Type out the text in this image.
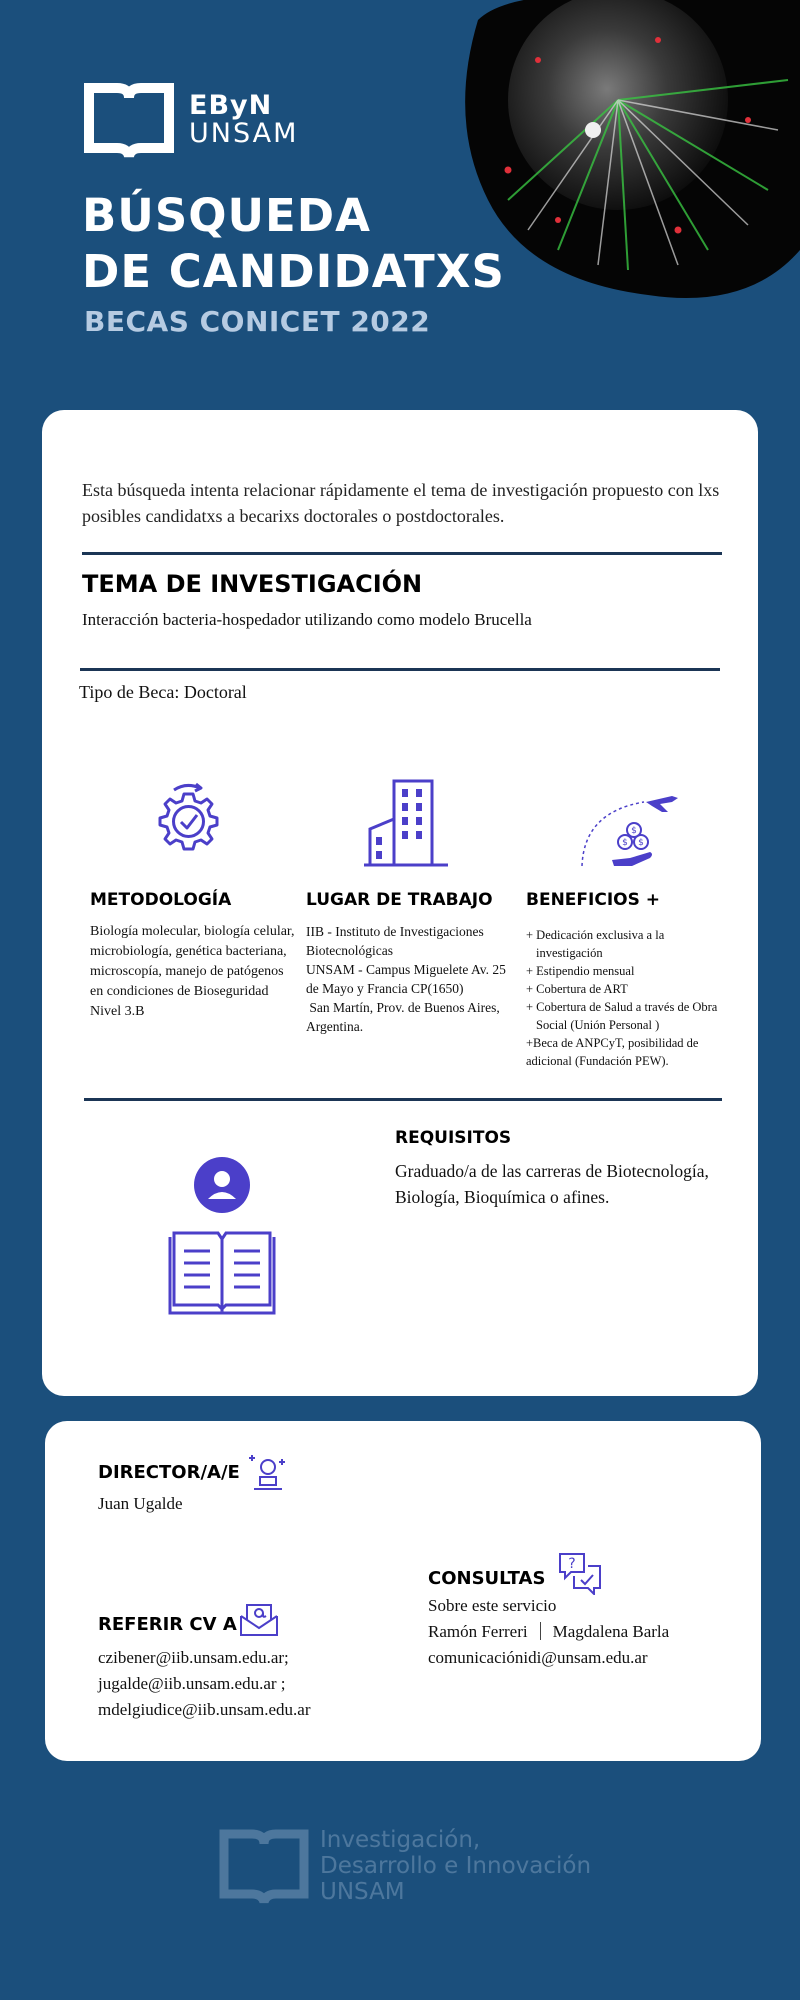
EByN
UNSAM
BÚSQUEDA
DE CANDIDATXS
BECAS CONICET 2022

Esta búsqueda intenta relacionar rápidamente el tema de investigación propuesto con lxs posibles candidatxs a becarixs doctorales o postdoctorales.

TEMA DE INVESTIGACIÓN
Interacción bacteria-hospedador utilizando como modelo Brucella
Tipo de Beca: Doctoral
$
$ $
METODOLOGÍA
Biología molecular, biología celular, microbiología, genética bacteriana, microscopía, manejo de patógenos en condiciones de Bioseguridad Nivel 3.B
LUGAR DE TRABAJO
IIB - Instituto de Investigaciones Biotecnológicas
UNSAM - Campus Miguelete Av. 25 de Mayo y Francia CP(1650)
San Martín, Prov. de Buenos Aires, Argentina.
BENEFICIOS +
+ Dedicación exclusiva a la investigación
+ Estipendio mensual
+ Cobertura de ART
+ Cobertura de Salud a través de Obra Social (Unión Personal )
+Beca de ANPCyT, posibilidad de adicional (Fundación PEW).
REQUISITOS
Graduado/a de las carreras de Biotecnología, Biología, Bioquímica o afines.
DIRECTOR/A/E
Juan Ugalde
CONSULTAS
?
Sobre este servicio
Ramón Ferreri Magdalena Barla
comunicaciónidi@unsam.edu.ar
REFERIR CV A
czibener@iib.unsam.edu.ar;
jugalde@iib.unsam.edu.ar ;
mdelgiudice@iib.unsam.edu.ar
Investigación,
Desarrollo e Innovación
UNSAM
